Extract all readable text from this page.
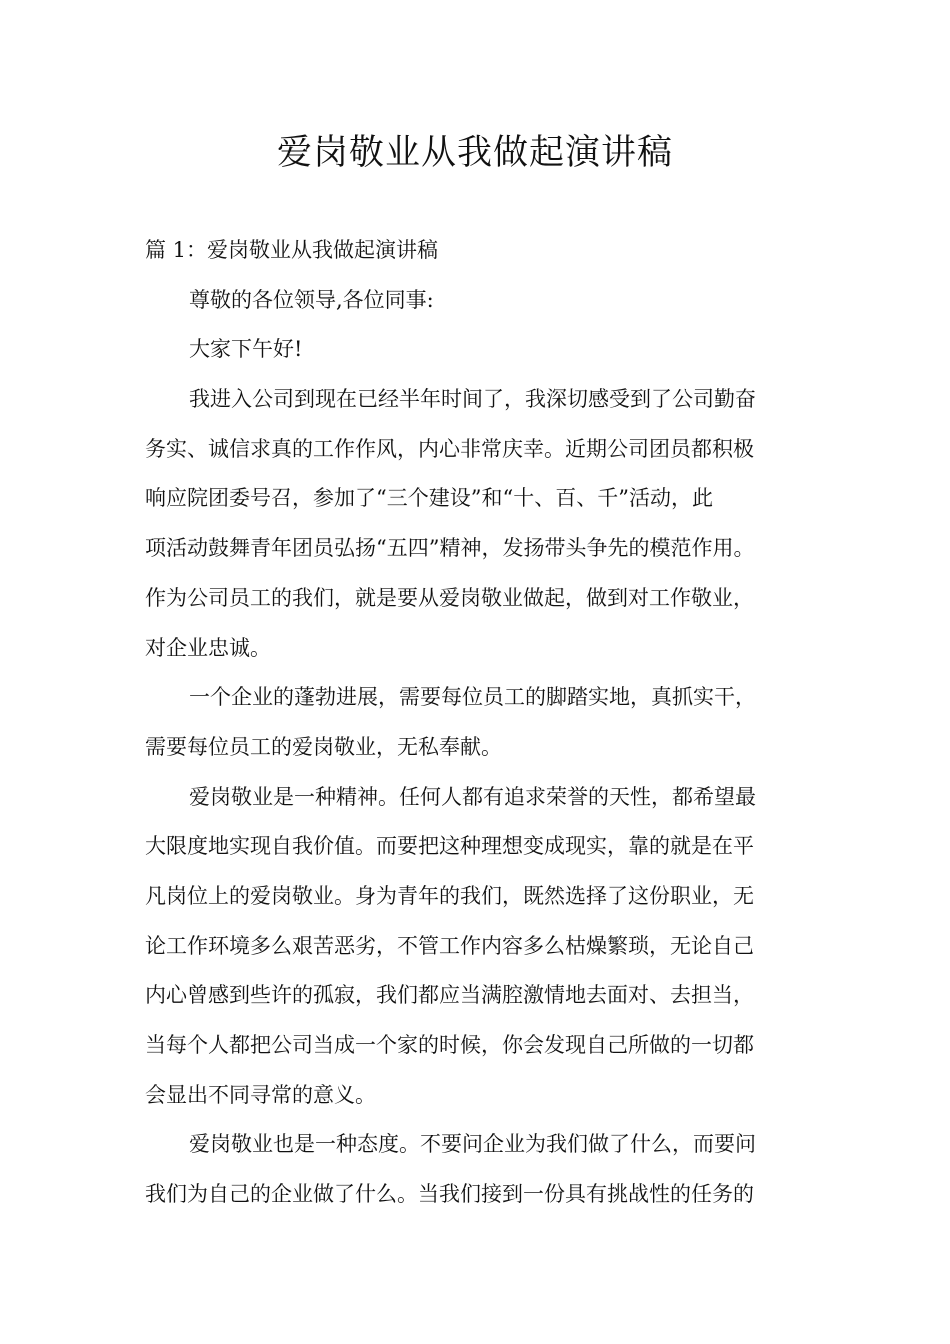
爱岗敬业从我做起演讲稿
篇 1：爱岗敬业从我做起演讲稿
尊敬的各位领导,各位同事:
大家下午好!
我进入公司到现在已经半年时间了，我深切感受到了公司勤奋
务实、诚信求真的工作作风，内心非常庆幸。近期公司团员都积极
响应院团委号召，参加了“三个建设”和“十、百、千”活动，此
项活动鼓舞青年团员弘扬“五四”精神，发扬带头争先的模范作用。
作为公司员工的我们，就是要从爱岗敬业做起，做到对工作敬业，
对企业忠诚。
一个企业的蓬勃进展，需要每位员工的脚踏实地，真抓实干，
需要每位员工的爱岗敬业，无私奉献。
爱岗敬业是一种精神。任何人都有追求荣誉的天性，都希望最
大限度地实现自我价值。而要把这种理想变成现实，靠的就是在平
凡岗位上的爱岗敬业。身为青年的我们，既然选择了这份职业，无
论工作环境多么艰苦恶劣，不管工作内容多么枯燥繁琐，无论自己
内心曾感到些许的孤寂，我们都应当满腔激情地去面对、去担当，
当每个人都把公司当成一个家的时候，你会发现自己所做的一切都
会显出不同寻常的意义。
爱岗敬业也是一种态度。不要问企业为我们做了什么，而要问
我们为自己的企业做了什么。当我们接到一份具有挑战性的任务的
